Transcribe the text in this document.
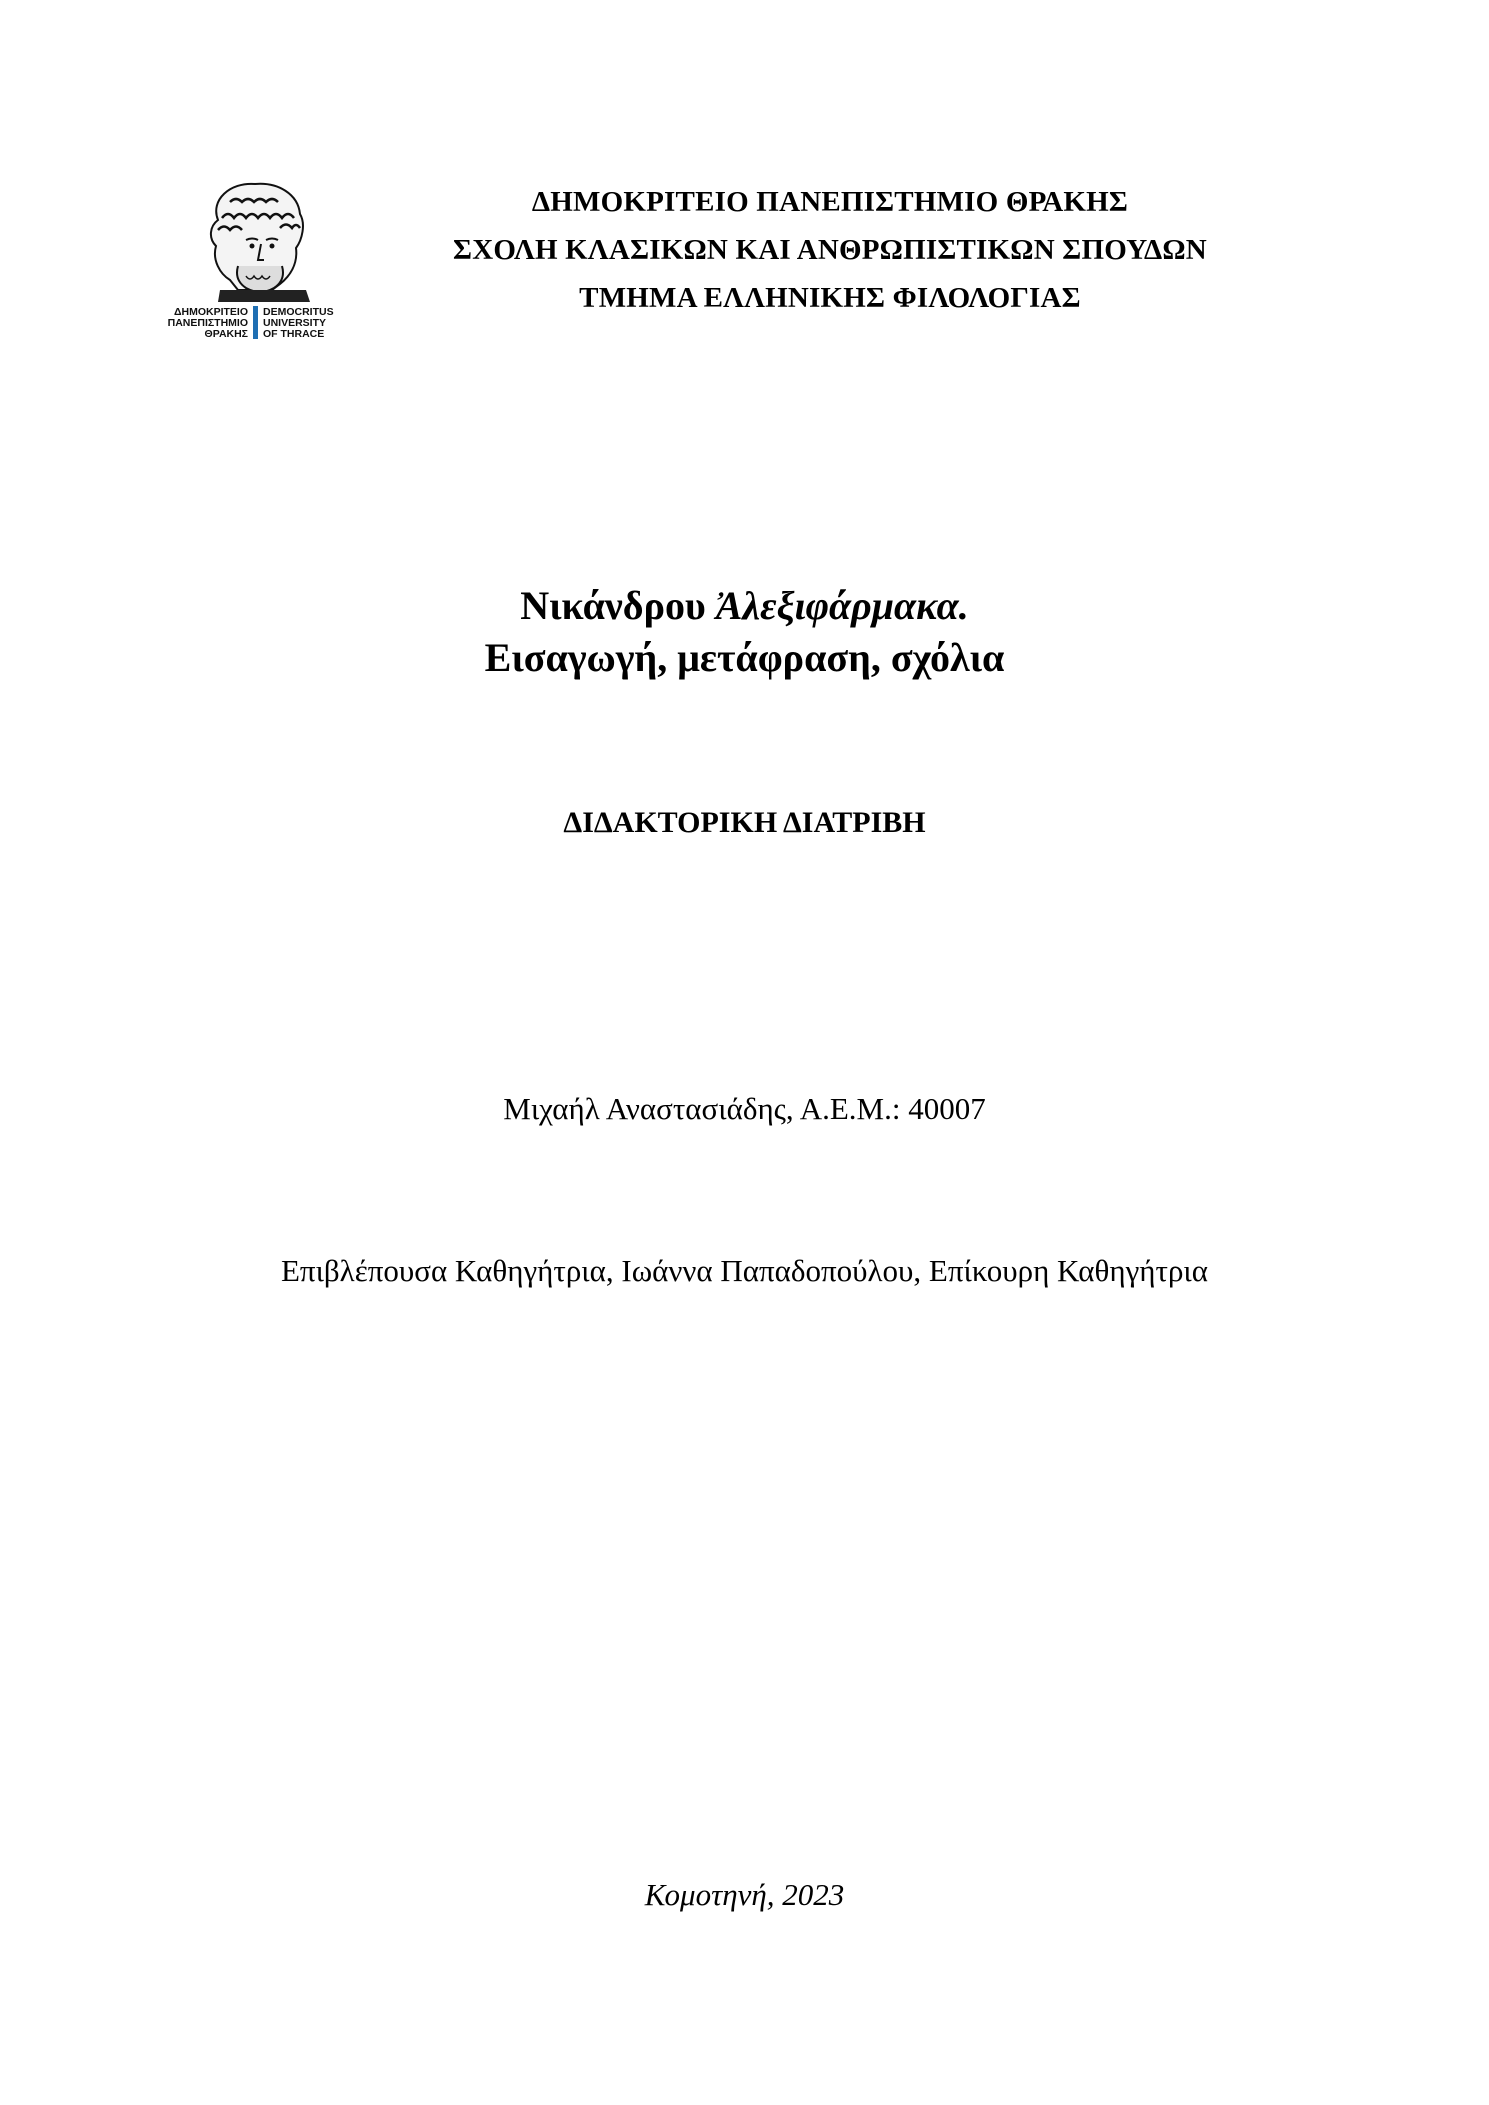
ΔΗΜΟΚΡΙΤΕΙΟ
ΠΑΝΕΠΙΣΤΗΜΙΟ
ΘΡΑΚΗΣ
DEMOCRITUS
UNIVERSITY
OF THRACE
ΔΗΜΟΚΡΙΤΕΙΟ ΠΑΝΕΠΙΣΤΗΜΙΟ ΘΡΑΚΗΣ
ΣΧΟΛΗ ΚΛΑΣΙΚΩΝ ΚΑΙ ΑΝΘΡΩΠΙΣΤΙΚΩΝ ΣΠΟΥΔΩΝ
ΤΜΗΜΑ ΕΛΛΗΝΙΚΗΣ ΦΙΛΟΛΟΓΙΑΣ
Νικάνδρου Ἀλεξιφάρμακα.
Εισαγωγή, μετάφραση, σχόλια
ΔΙΔΑΚΤΟΡΙΚΗ ΔΙΑΤΡΙΒΗ
Μιχαήλ Αναστασιάδης, Α.Ε.Μ.: 40007
Επιβλέπουσα Καθηγήτρια, Ιωάννα Παπαδοπούλου, Επίκουρη Καθηγήτρια
Κομοτηνή, 2023
